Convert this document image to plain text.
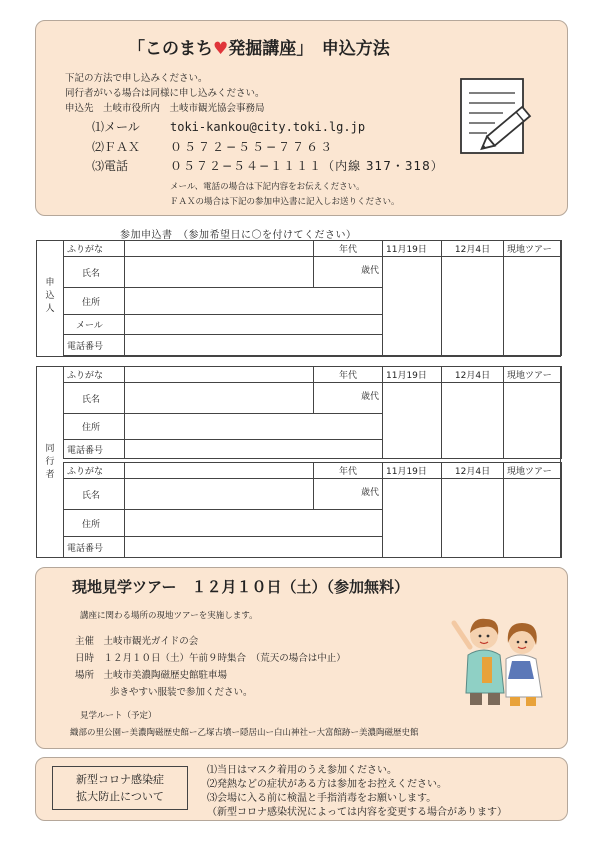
「このまち♥発掘講座」　申込方法
下記の方法で申し込みください。
同行者がいる場合は同様に申し込みください。
申込先　土岐市役所内　土岐市観光協会事務局
⑴メール	toki-kankou@city.toki.lg.jp
⑵ＦＡＸ ０５７２−５５−７７６３
⑶電話	０５７２−５４−１１１１（内線 317・318）
メール、電話の場合は下記内容をお伝えください。
ＦＡＸの場合は下記の参加申込書に記入しお送りください。
参加申込書　（参加希望日に〇を付けてください）
申込人
ふりがな		年代	11月19日	12月4日	現地ツアー
氏名		歳代			
住所					
メール					
電話番号					
同行者
ふりがな		年代	11月19日	12月4日	現地ツアー
氏名		歳代			
住所					
電話番号					
ふりがな		年代	11月19日	12月4日	現地ツアー
氏名		歳代			
住所					
電話番号					
現地見学ツアー　１２月１０日（土）（参加無料）
講座に関わる場所の現地ツアーを実施します。
主催　土岐市観光ガイドの会
日時　１２月１０日（土）午前９時集合　（荒天の場合は中止）
場所　土岐市美濃陶磁歴史館駐車場
歩きやすい服装で参加ください。
見学ルート（予定）
織部の里公園ー美濃陶磁歴史館ー乙塚古墳ー隠居山ー白山神社ー大富館跡ー美濃陶磁歴史館
新型コロナ感染症
拡大防止について
⑴当日はマスク着用のうえ参加ください。
⑵発熱などの症状がある方は参加をお控えください。
⑶会場に入る前に検温と手指消毒をお願いします。
（新型コロナ感染状況によっては内容を変更する場合があります）
